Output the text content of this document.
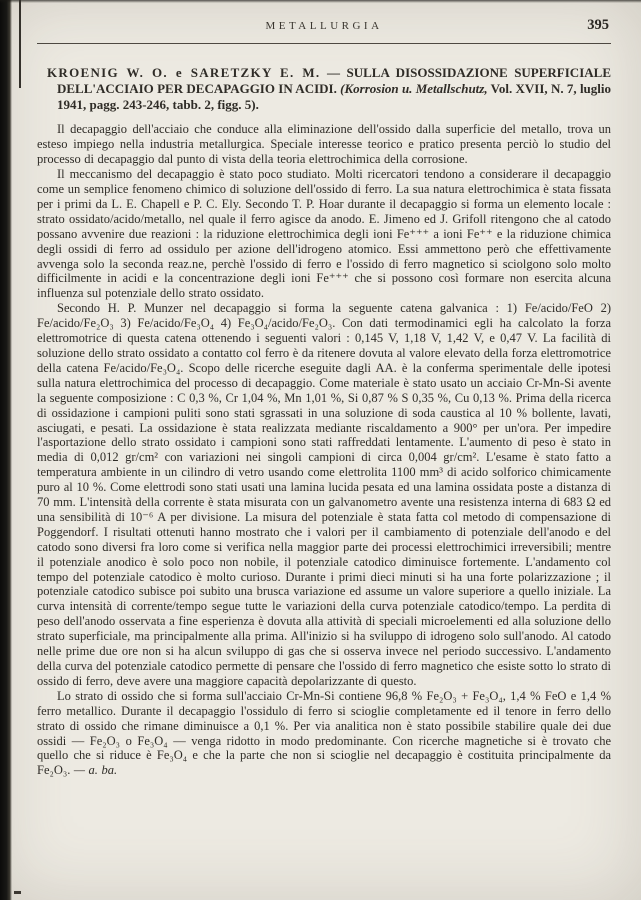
METALLURGIA	395

KROENIG W. O. e SARETZKY E. M. — SULLA DISOSSIDAZIONE SUPERFICIALE DELL'ACCIAIO PER DECAPAGGIO IN ACIDI. (Korrosion u. Metallschutz, Vol. XVII, N. 7, luglio 1941, pagg. 243-246, tabb. 2, figg. 5).

Il decapaggio dell'acciaio che conduce alla eliminazione dell'ossido dalla superficie del metallo, trova un esteso impiego nella industria metallurgica. Speciale interesse teorico e pratico presenta perciò lo studio del processo di decapaggio dal punto di vista della teoria elettrochimica della corrosione.

Il meccanismo del decapaggio è stato poco studiato. Molti ricercatori tendono a considerare il decapaggio come un semplice fenomeno chimico di soluzione dell'ossido di ferro. La sua natura elettrochimica è stata fissata per i primi da L. E. Chapell e P. C. Ely. Secondo T. P. Hoar durante il decapaggio si forma un elemento locale : strato ossidato/acido/metallo, nel quale il ferro agisce da anodo. E. Jimeno ed J. Grifoll ritengono che al catodo possano avvenire due reazioni : la riduzione elettrochimica degli ioni Fe⁺⁺⁺ a ioni Fe⁺⁺ e la riduzione chimica degli ossidi di ferro ad ossidulo per azione dell'idrogeno atomico. Essi ammettono però che effettivamente avvenga solo la seconda reaz.ne, perchè l'ossido di ferro e l'ossido di ferro magnetico si sciolgono solo molto difficilmente in acidi e la concentrazione degli ioni Fe⁺⁺⁺ che si possono così formare non esercita alcuna influenza sul potenziale dello strato ossidato.

Secondo H. P. Munzer nel decapaggio si forma la seguente catena galvanica : 1) Fe/acido/FeO 2) Fe/acido/Fe₂O₃ 3) Fe/acido/Fe₃O₄ 4) Fe₃O₄/acido/Fe₂O₃. Con dati termodinamici egli ha calcolato la forza elettromotrice di questa catena ottenendo i seguenti valori : 0,145 V, 1,18 V, 1,42 V, e 0,47 V. La facilità di soluzione dello strato ossidato a contatto col ferro è da ritenere dovuta al valore elevato della forza elettromotrice della catena Fe/acido/Fe₃O₄. Scopo delle ricerche eseguite dagli AA. è la conferma sperimentale delle ipotesi sulla natura elettrochimica del processo di decapaggio. Come materiale è stato usato un acciaio Cr-Mn-Si avente la seguente composizione : C 0,3 %, Cr 1,04 %, Mn 1,01 %, Si 0,87 % S 0,35 %, Cu 0,13 %. Prima della ricerca di ossidazione i campioni puliti sono stati sgrassati in una soluzione di soda caustica al 10 % bollente, lavati, asciugati, e pesati. La ossidazione è stata realizzata mediante riscaldamento a 900° per un'ora. Per impedire l'asportazione dello strato ossidato i campioni sono stati raffreddati lentamente. L'aumento di peso è stato in media di 0,012 gr/cm² con variazioni nei singoli campioni di circa 0,004 gr/cm². L'esame è stato fatto a temperatura ambiente in un cilindro di vetro usando come elettrolita 1100 mm³ di acido solforico chimicamente puro al 10 %. Come elettrodi sono stati usati una lamina lucida pesata ed una lamina ossidata poste a distanza di 70 mm. L'intensità della corrente è stata misurata con un galvanometro avente una resistenza interna di 683 Ω ed una sensibilità di 10⁻⁶ A per divisione. La misura del potenziale è stata fatta col metodo di compensazione di Poggendorf. I risultati ottenuti hanno mostrato che i valori per il cambiamento di potenziale dell'anodo e del catodo sono diversi fra loro come si verifica nella maggior parte dei processi elettrochimici irreversibili; mentre il potenziale anodico è solo poco non nobile, il potenziale catodico diminuisce fortemente. L'andamento col tempo del potenziale catodico è molto curioso. Durante i primi dieci minuti si ha una forte polarizzazione ; il potenziale catodico subisce poi subito una brusca variazione ed assume un valore superiore a quello iniziale. La curva intensità di corrente/tempo segue tutte le variazioni della curva potenziale catodico/tempo. La perdita di peso dell'anodo osservata a fine esperienza è dovuta alla attività di speciali microelementi ed alla soluzione dello strato superficiale, ma principalmente alla prima. All'inizio si ha sviluppo di idrogeno solo sull'anodo. Al catodo nelle prime due ore non si ha alcun sviluppo di gas che si osserva invece nel periodo successivo. L'andamento della curva del potenziale catodico permette di pensare che l'ossido di ferro magnetico che esiste sotto lo strato di ossido di ferro, deve avere una maggiore capacità depolarizzante di questo.

Lo strato di ossido che si forma sull'acciaio Cr-Mn-Si contiene 96,8 % Fe₂O₃ + Fe₃O₄, 1,4 % FeO e 1,4 % ferro metallico. Durante il decapaggio l'ossidulo di ferro si scioglie completamente ed il tenore in ferro dello strato di ossido che rimane diminuisce a 0,1 %. Per via analitica non è stato possibile stabilire quale dei due ossidi — Fe₂O₃ o Fe₃O₄ — venga ridotto in modo predominante. Con ricerche magnetiche si è trovato che quello che si riduce è Fe₃O₄ e che la parte che non si scioglie nel decapaggio è costituita principalmente da Fe₂O₃. — a. ba.
